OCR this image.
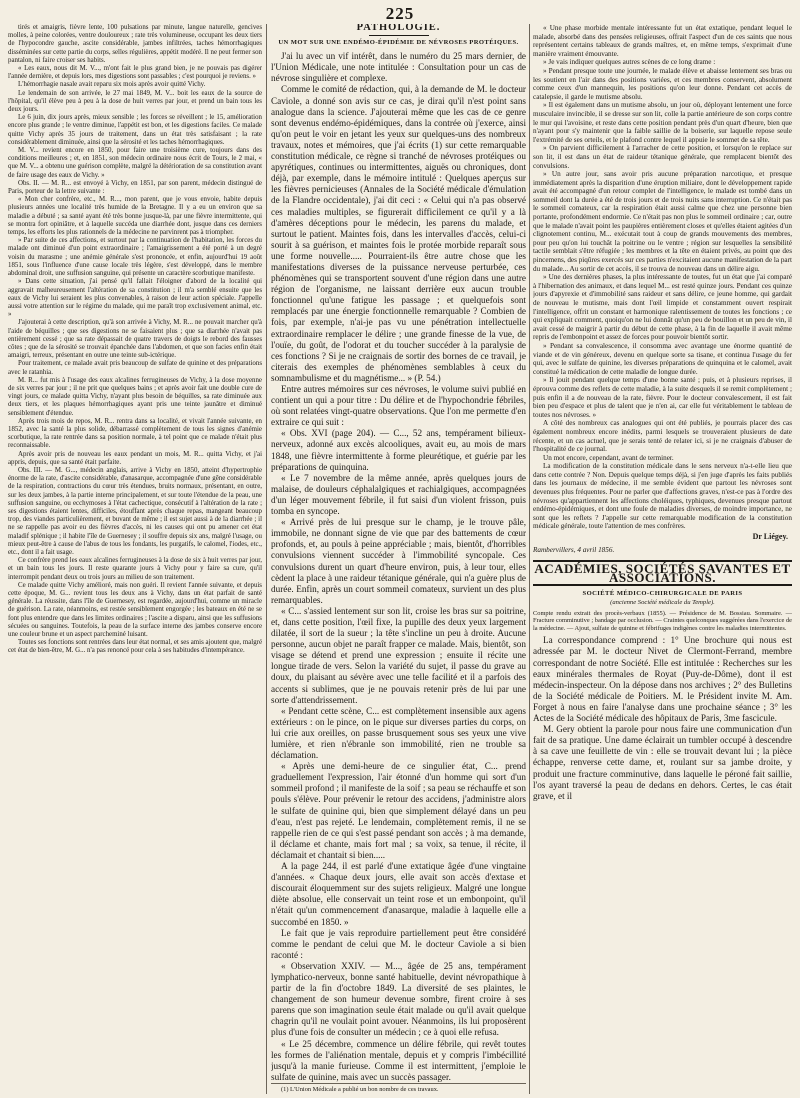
225

tirés et amaigris, fièvre lente, 100 pulsations par minute, langue naturelle, gencives molles, à peine colorées, ventre douloureux ; rate très volumineuse, occupant les deux tiers de l'hypocondre gauche, ascite considérable, jambes infiltrées, taches hémorrhagiques disséminées sur cette partie du corps, selles régulières, appétit modéré. Il ne peut fermer son pantalon, ni faire croiser ses habits.

« Les eaux, nous dit M. V..., m'ont fait le plus grand bien, je ne pouvais pas digérer l'année dernière, et depuis lors, mes digestions sont passables ; c'est pourquoi je reviens. »

L'hémorrhagie nasale avait reparu six mois après avoir quitté Vichy.

Le lendemain de son arrivée, le 27 mai 1849, M. V... boit les eaux de la source de l'hôpital, qu'il élève peu à peu à la dose de huit verres par jour, et prend un bain tous les deux jours.

Le 6 juin, dix jours après, mieux sensible ; les forces se réveillent ; le 15, amélioration encore plus grande ; le ventre diminue, l'appétit est bon, et les digestions faciles. Ce malade quitte Vichy après 35 jours de traitement, dans un état très satisfaisant ; la rate considérablement diminuée, ainsi que la sérosité et les taches hémorrhagiques.

M. V... revient encore en 1850, pour faire une troisième cure, toujours dans des conditions meilleures ; et, en 1851, son médecin ordinaire nous écrit de Tours, le 2 mai, « que M. V... a obtenu une guérison complète, malgré la détérioration de sa constitution avant de faire usage des eaux de Vichy. »

Obs. II. — M. R... est envoyé à Vichy, en 1851, par son parent, médecin distingué de Paris, porteur de la lettre suivante :

« Mon cher confrère, etc., M. R..., mon parent, que je vous envoie, habite depuis plusieurs années une localité très humide de la Bretagne. Il y a eu un environ que sa maladie a débuté ; sa santé ayant été très bonne jusque-là, par une fièvre intermittente, qui se montra fort opiniâtre, et à laquelle succéda une diarrhée dont, jusque dans ces derniers temps, les efforts les plus rationnels de la médecine ne parvinrent pas à triompher.

» Par suite de ces affections, et surtout par la continuation de l'habitation, les forces du malade ont diminué d'un point extraordinaire ; l'amaigrissement a été porté à un degré voisin du marasme ; une anémie générale s'est prononcée, et enfin, aujourd'hui 19 août 1851, sous l'influence d'une cause locale très légère, s'est développé, dans le membre abdominal droit, une suffusion sanguine, qui présente un caractère scorbutique manifeste.

» Dans cette situation, j'ai pensé qu'il fallait l'éloigner d'abord de la localité qui aggravait malheureusement l'altération de sa constitution ; il m'a semblé ensuite que les eaux de Vichy lui seraient les plus convenables, à raison de leur action spéciale. J'appelle aussi votre attention sur le régime du malade, qui me paraît trop exclusivement animal, etc. »

J'ajouterai à cette description, qu'à son arrivée à Vichy, M. R... ne pouvait marcher qu'à l'aide de béquilles ; que ses digestions ne se faisaient plus ; que sa diarrhée n'avait pas entièrement cessé ; que sa rate dépassait de quatre travers de doigts le rebord des fausses côtes ; que de la sérosité se trouvait épanchée dans l'abdomen, et que son facies enfin était amaigri, terreux, présentant en outre une teinte sub-ictérique.

Pour traitement, ce malade avait pris beaucoup de sulfate de quinine et des préparations avec le ratanhia.

M. R... fut mis à l'usage des eaux alcalines ferrugineuses de Vichy, à la dose moyenne de six verres par jour ; il ne prit que quelques bains ; et après avoir fait une double cure de vingt jours, ce malade quitta Vichy, n'ayant plus besoin de béquilles, sa rate diminuée aux deux tiers, et les plaques hémorrhagiques ayant pris une teinte jaunâtre et diminué sensiblement d'étendue.

Après trois mois de repos, M. R... rentra dans sa localité, et vivait l'année suivante, en 1852, avec la santé la plus solide, débarrassé complètement de tous les signes d'anémie scorbutique, la rate rentrée dans sa position normale, à tel point que ce malade n'était plus reconnaissable.

Après avoir pris de nouveau les eaux pendant un mois, M. R... quitta Vichy, et j'ai appris, depuis, que sa santé était parfaite.

Obs. III. — M. G..., médecin anglais, arrive à Vichy en 1850, atteint d'hypertrophie énorme de la rate, d'ascite considérable, d'anasarque, accompagnée d'une gêne considérable de la respiration, contractions du cœur très étendues, bruits normaux, présentant, en outre, sur les deux jambes, à la partie interne principalement, et sur toute l'étendue de la peau, une suffusion sanguine, ou ecchymoses à l'état cachectique, consécutif à l'altération de la rate ; ses digestions étaient lentes, difficiles, étouffant après chaque repas, mangeant beaucoup trop, des viandes particulièrement, et buvant de même ; il est sujet aussi à de la diarrhée ; il ne se rappelle pas avoir eu des fièvres d'accès, ni les causes qui ont pu amener cet état maladif splénique ; il habite l'île de Guernesey ; il souffre depuis six ans, malgré l'usage, ou mieux peut-être à cause de l'abus de tous les fondants, les purgatifs, le calomel, l'iodes, etc., etc., dont il a fait usage.

Ce confrère prend les eaux alcalines ferrugineuses à la dose de six à huit verres par jour, et un bain tous les jours. Il reste quarante jours à Vichy pour y faire sa cure, qu'il interrompit pendant deux ou trois jours au milieu de son traitement.

Ce malade quitte Vichy amélioré, mais non guéri. Il revient l'année suivante, et depuis cette époque, M. G... revient tous les deux ans à Vichy, dans un état parfait de santé générale. La réussite, dans l'île de Guernesey, est regardée, aujourd'hui, comme un miracle de guérison. La rate, néanmoins, est restée sensiblement engorgée ; les bateaux en été ne se font plus entendre que dans les limites ordinaires ; l'ascite a disparu, ainsi que les suffusions sécuées ou sanguines. Toutefois, la peau de la surface interne des jambes conserve encore une couleur brune et un aspect parcheminé luisant.

Toutes ses fonctions sont rentrées dans leur état normal, et ses amis ajoutent que, malgré cet état de bien-être, M. G... n'a pas renoncé pour cela à ses habitudes d'intempérance.

PATHOLOGIE.
UN MOT SUR UNE ENDÉMO-ÉPIDÉMIE DE NÉVROSES PROTÉIQUES.

J'ai lu avec un vif intérêt, dans le numéro du 25 mars dernier, de l'Union Médicale, une note intitulée : Consultation pour un cas de névrose singulière et complexe.

Comme le comité de rédaction, qui, à la demande de M. le docteur Caviole, a donné son avis sur ce cas, je dirai qu'il n'est point sans analogue dans la science. J'ajouterai même que les cas de ce genre sont devenus endémo-épidémiques, dans la contrée où j'exerce, ainsi qu'on peut le voir en jetant les yeux sur quelques-uns des nombreux travaux, notes et mémoires, que j'ai écrits (1) sur cette remarquable constitution médicale, ce règne si tranché de névroses protéiques ou apyrétiques, continues ou intermittentes, aiguës ou chroniques, dont déjà, par exemple, dans le mémoire intitulé : Quelques aperçus sur les fièvres pernicieuses (Annales de la Société médicale d'émulation de la Flandre occidentale), j'ai dit ceci : « Celui qui n'a pas observé ces maladies multiples, se figurerait difficilement ce qu'il y a là d'amères déceptions pour le médecin, les parens du malade, et surtout le patient. Maintes fois, dans les intervalles d'accès, celui-ci sourit à sa guérison, et maintes fois le protée morbide reparaît sous une forme nouvelle..... Pourraient-ils être autre chose que les manifestations diverses de la puissance nerveuse perturbée, ces phénomènes qui se transportent souvent d'une région dans une autre région de l'organisme, ne laissant derrière eux aucun trouble fonctionnel qu'une fatigue les passage ; et quelquefois sont remplacés par une énergie fonctionnelle remarquable ? Combien de fois, par exemple, n'ai-je pas vu une pénétration intellectuelle extraordinaire remplacer le délire ; une grande finesse de la vue, de l'ouïe, du goût, de l'odorat et du toucher succéder à la paralysie de ces fonctions ? Si je ne craignais de sortir des bornes de ce travail, je citerais des exemples de phénomènes semblables à ceux du somnambulisme et du magnétisme... » (P. 54.)

Entre autres mémoires sur ces névroses, le volume suivi publié en contient un qui a pour titre : Du délire et de l'hypochondrie fébriles, où sont relatées vingt-quatre observations. Que l'on me permette d'en extraire ce qui suit :

« Obs. XVI (page 204). — C..., 52 ans, tempérament bilieux-nerveux, adonné aux excès alcooliques, avait eu, au mois de mars 1848, une fièvre intermittente à forme pleurétique, et guérie par les préparations de quinquina.

« Le 7 novembre de la même année, après quelques jours de malaise, de douleurs céphalalgiques et rachialgiques, accompagnées d'un léger mouvement fébrile, il fut saisi d'un violent frisson, puis tomba en syncope.

« Arrivé près de lui presque sur le champ, je le trouve pâle, immobile, ne donnant signe de vie que par des battements de cœur profonds, et, au pouls à peine appréciable ; mais, bientôt, d'horribles convulsions viennent succéder à l'immobilité syncopale. Ces convulsions durent un quart d'heure environ, puis, à leur tour, elles cèdent la place à une raideur tétanique générale, qui n'a guère plus de durée. Enfin, après un court sommeil comateux, survient un des plus remarquables.

« C... s'assied lentement sur son lit, croise les bras sur sa poitrine, et, dans cette position, l'œil fixe, la pupille des deux yeux largement dilatée, il sort de la sueur ; la tête s'incline un peu à droite. Aucune personne, aucun objet ne paraît frapper ce malade. Mais, bientôt, son visage se détend et prend une expression ; ensuite il récite une longue tirade de vers. Selon la variété du sujet, il passe du grave au doux, du plaisant au sévère avec une telle facilité et il a parfois des accents si sublimes, que je ne pouvais retenir près de lui par une sorte d'attendrissement.

« Pendant cette scène, C... est complètement insensible aux agens extérieurs : on le pince, on le pique sur diverses parties du corps, on lui crie aux oreilles, on passe brusquement sous ses yeux une vive lumière, et rien n'ébranle son immobilité, rien ne trouble sa déclamation.

« Après une demi-heure de ce singulier état, C... prend graduellement l'expression, l'air étonné d'un homme qui sort d'un sommeil profond ; il manifeste de la soif ; sa peau se réchauffe et son pouls s'élève. Pour prévenir le retour des accidens, j'administre alors le sulfate de quinine qui, bien que simplement délayé dans un peu d'eau, n'est pas rejeté. Le lendemain, complètement remis, il ne se rappelle rien de ce qui s'est passé pendant son accès ; à ma demande, il déclame et chante, mais fort mal ; sa voix, sa tenue, il récite, il déclamait et chantait si bien.....

A la page 244, il est parlé d'une extatique âgée d'une vingtaine d'années. « Chaque deux jours, elle avait son accès d'extase et discourait éloquemment sur des sujets religieux. Malgré une longue diète absolue, elle conservait un teint rose et un embonpoint, qu'il n'était qu'un commencement d'anasarque, maladie à laquelle elle a succombé en 1850. »

Le fait que je vais reproduire partiellement peut être considéré comme le pendant de celui que M. le docteur Caviole a si bien raconté :

« Observation XXIV. — M..., âgée de 25 ans, tempérament lymphatico-nerveux, bonne santé habituelle, devint névropathique à partir de la fin d'octobre 1849. La diversité de ses plaintes, le changement de son humeur devenue sombre, firent croire à ses parens que son imagination seule était malade ou qu'il avait quelque chagrin qu'il ne voulait point avouer. Néanmoins, ils lui proposèrent plus d'une fois de consulter un médecin ; ce à quoi elle refusa.

« Le 25 décembre, commence un délire fébrile, qui revêt toutes les formes de l'aliénation mentale, depuis et y compris l'imbécillité jusqu'à la manie furieuse. Comme il est intermittent, j'emploie le sulfate de quinine, mais avec un succès passager.

(1) L'Union Médicale a publié un bon nombre de ces travaux.

« Une phase morbide mentale intéressante fut un état extatique, pendant lequel le malade, absorbé dans des pensées religieuses, offrait l'aspect d'un de ces saints que nous représentent certains tableaux de grands maîtres, et, en même temps, s'exprimait d'une manière vraiment émouvante.

» Je vais indiquer quelques autres scènes de ce long drame :

» Pendant presque toute une journée, le malade élève et abaisse lentement ses bras ou les soutient en l'air dans des positions variées, et ces membres conservent, absolument comme ceux d'un mannequin, les positions qu'on leur donne. Pendant cet accès de catalepsie, il garde le mutisme absolu.

» Il est également dans un mutisme absolu, un jour où, déployant lentement une force musculaire invincible, il se dresse sur son lit, colle la partie antérieure de son corps contre le mur qui l'avoisine, et reste dans cette position pendant près d'un quart d'heure, bien que n'ayant pour s'y maintenir que la faible saillie de la boiserie, sur laquelle repose seule l'extrémité de ses orteils, et le plafond contre lequel il appuie le sommet de sa tête.

» On parvient difficilement à l'arracher de cette position, et lorsqu'on le replace sur son lit, il est dans un état de raideur tétanique générale, que remplacent bientôt des convulsions.

» Un autre jour, sans avoir pris aucune préparation narcotique, et presque immédiatement après la disparition d'une éruption miliaire, dont le développement rapide avait été accompagné d'un retour complet de l'intelligence, le malade est tombé dans un sommeil dont la durée a été de trois jours et de trois nuits sans interruption. Ce n'était pas le sommeil comateux, car la respiration était aussi calme que chez une personne bien portante, profondément endormie. Ce n'était pas non plus le sommeil ordinaire ; car, outre que le malade n'avait point les paupières entièrement closes et qu'elles étaient agitées d'un clignotement continu, M... exécutait tout à coup de grands mouvements des membres, pour peu qu'on lui touchât la poitrine ou le ventre ; région sur lesquelles la sensibilité tactile semblait s'être réfugiée ; les membres et la tête en étaient privés, au point que des pincemens, des piqûres exercés sur ces parties n'excitaient aucune manifestation de la part du malade... Au sortir de cet accès, il se trouva de nouveau dans un délire aigu.

» Une des dernières phases, la plus intéressante de toutes, fut un état que j'ai comparé à l'hibernation des animaux, et dans lequel M... est resté quinze jours. Pendant ces quinze jours d'apyrexie et d'immobilité sans raideur et sans délire, ce jeune homme, qui gardait de nouveau le mutisme, mais dont l'œil limpide et constamment ouvert respirait l'intelligence, offrit un constant et harmonique ralentissement de toutes les fonctions ; ce qui expliquait comment, quoiqu'on ne lui donnât qu'un peu de bouillon et un peu de vin, il avait cessé de maigrir à partir du début de cette phase, à la fin de laquelle il avait même repris de l'embonpoint et assez de forces pour pouvoir bientôt sortir.

» Pendant sa convalescence, il consomma avec avantage une énorme quantité de viande et de vin généreux, devenu en quelque sorte sa tisane, et continua l'usage du fer qui, avec le sulfate de quinine, les diverses préparations de quinquina et le calomel, avait constitué la médication de cette maladie de longue durée.

» Il jouit pendant quelque temps d'une bonne santé ; puis, et à plusieurs reprises, il éprouva comme des reflets de cette maladie, à la suite desquels il se remit complètement ; puis enfin il a de nouveau de la rate, fièvre. Pour le docteur convalescement, il est fait bien peu d'espace et plus de talent que je n'en ai, car elle fut véritablement le tableau de toutes nos névroses. »

A côté des nombreux cas analogues qui ont été publiés, je pourrais placer des cas également nombreux encore inédits, parmi lesquels se trouveraient plusieurs de date récente, et un cas actuel, que je serais tenté de relater ici, si je ne craignais d'abuser de l'hospitalité de ce journal.

Un mot encore, cependant, avant de terminer.

La modification de la constitution médicale dans le sens nerveux n'a-t-elle lieu que dans cette contrée ? Non. Depuis quelque temps déjà, si j'en juge d'après les faits publiés dans les journaux de médecine, il me semble évident que partout les névroses sont devenues plus fréquentes. Pour ne parler que d'affections graves, n'est-ce pas à l'ordre des névroses qu'appartiennent les affections choléiques, typhiques, devenues presque partout endémo-épidémiques, et dont une foule de maladies diverses, de moindre importance, ne sont que les reflets ? J'appelle sur cette remarquable modification de la constitution médicale générale, toute l'attention de mes confrères.

Dr Liégey.
Rambervillers, 4 avril 1856.
ACADÉMIES, SOCIÉTÉS SAVANTES ET ASSOCIATIONS.
SOCIÉTÉ MÉDICO-CHIRURGICALE DE PARIS
(ancienne Société médicale du Temple).

Compte rendu extrait des procès-verbaux (1855). — Présidence de M. Bossiau. Sommaire. — Fracture comminutive ; bandage par occlusion. — Craintes quelconques suggérées dans l'exercice de la médecine. — Ajout, sulfate de quinine et fébrifuges indigènes contre les maladies intermittentes.

La correspondance comprend : 1° Une brochure qui nous est adressée par M. le docteur Nivet de Clermont-Ferrand, membre correspondant de notre Société. Elle est intitulée : Recherches sur les eaux minérales thermales de Royat (Puy-de-Dôme), dont il est médecin-inspecteur. On la dépose dans nos archives ; 2° des Bulletins de la Société médicale de Poitiers. M. le Président invite M. Am. Forget à nous en faire l'analyse dans une prochaine séance ; 3° les Actes de la Société médicale des hôpitaux de Paris, 3me fascicule.

M. Gery obtient la parole pour nous faire une communication d'un fait de sa pratique. Une dame éclairait un tumbler occupé à descendre à sa cave une feuillette de vin : elle se trouvait devant lui ; la pièce échappe, renverse cette dame, et, roulant sur sa jambe droite, y produit une fracture comminutive, dans laquelle le péroné fait saillie, l'os ayant traversé la peau de dedans en dehors. Certes, le cas était grave, et il
